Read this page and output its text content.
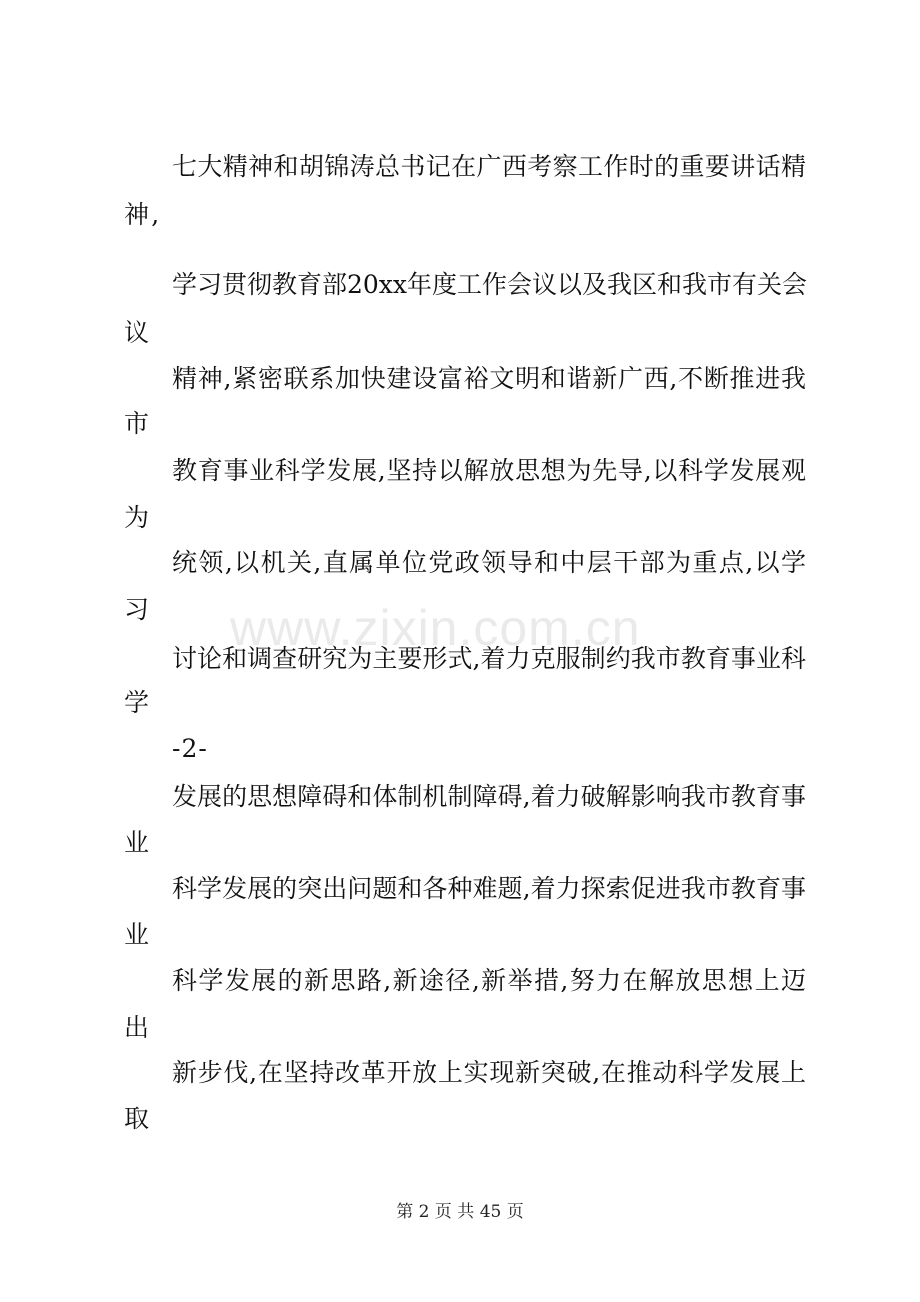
www.zixin.com.cn
七大精神和胡锦涛总书记在广西考察工作时的重要讲话精
神,
学习贯彻教育部20xx年度工作会议以及我区和我市有关会
议
精神,紧密联系加快建设富裕文明和谐新广西,不断推进我
市
教育事业科学发展,坚持以解放思想为先导,以科学发展观
为
统领,以机关,直属单位党政领导和中层干部为重点,以学
习
讨论和调查研究为主要形式,着力克服制约我市教育事业科
学
-2-
发展的思想障碍和体制机制障碍,着力破解影响我市教育事
业
科学发展的突出问题和各种难题,着力探索促进我市教育事
业
科学发展的新思路,新途径,新举措,努力在解放思想上迈
出
新步伐,在坚持改革开放上实现新突破,在推动科学发展上
取
第 2 页 共 45 页
